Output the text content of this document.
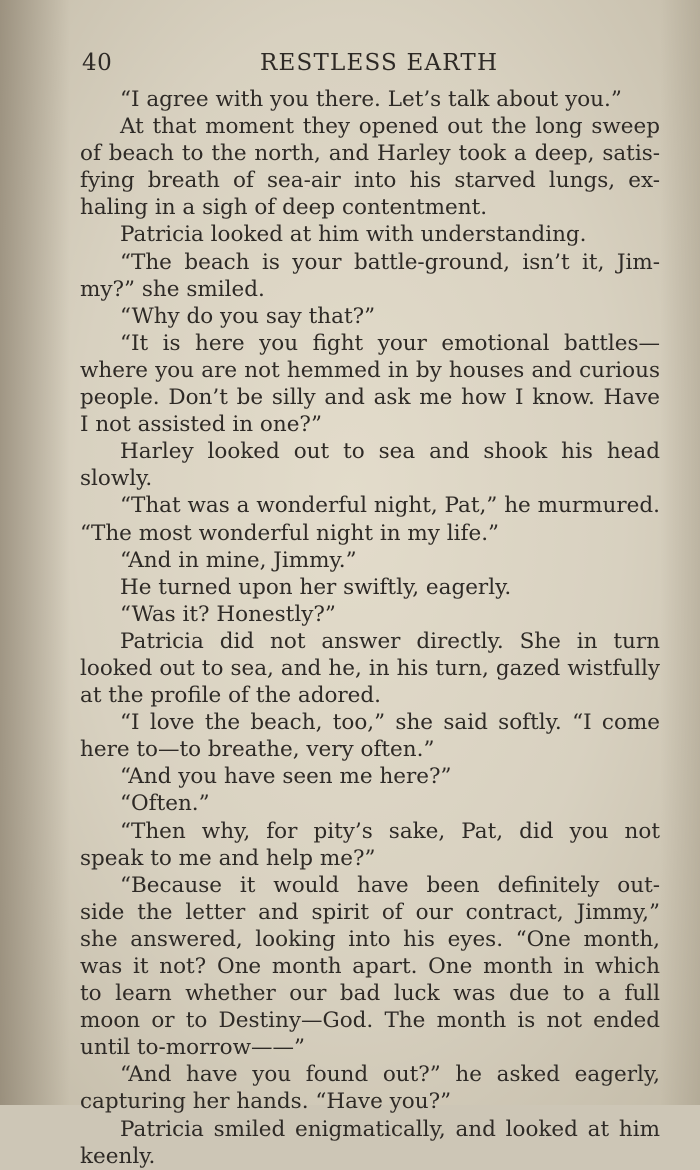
40	RESTLESS EARTH
“I agree with you there. Let’s talk about you.”
At that moment they opened out the long sweep
of beach to the north, and Harley took a deep, satis-
fying breath of sea-air into his starved lungs, ex-
haling in a sigh of deep contentment.
Patricia looked at him with understanding.
“The beach is your battle-ground, isn’t it, Jim-
my?” she smiled.
“Why do you say that?”
“It is here you fight your emotional battles—
where you are not hemmed in by houses and curious
people. Don’t be silly and ask me how I know. Have
I not assisted in one?”
Harley looked out to sea and shook his head
slowly.
“That was a wonderful night, Pat,” he murmured.
“The most wonderful night in my life.”
“And in mine, Jimmy.”
He turned upon her swiftly, eagerly.
“Was it? Honestly?”
Patricia did not answer directly. She in turn
looked out to sea, and he, in his turn, gazed wistfully
at the profile of the adored.
“I love the beach, too,” she said softly. “I come
here to—to breathe, very often.”
“And you have seen me here?”
“Often.”
“Then why, for pity’s sake, Pat, did you not
speak to me and help me?”
“Because it would have been definitely out-
side the letter and spirit of our contract, Jimmy,”
she answered, looking into his eyes. “One month,
was it not? One month apart. One month in which
to learn whether our bad luck was due to a full
moon or to Destiny—God. The month is not ended
until to-morrow——”
“And have you found out?” he asked eagerly,
capturing her hands. “Have you?”
Patricia smiled enigmatically, and looked at him
keenly.
